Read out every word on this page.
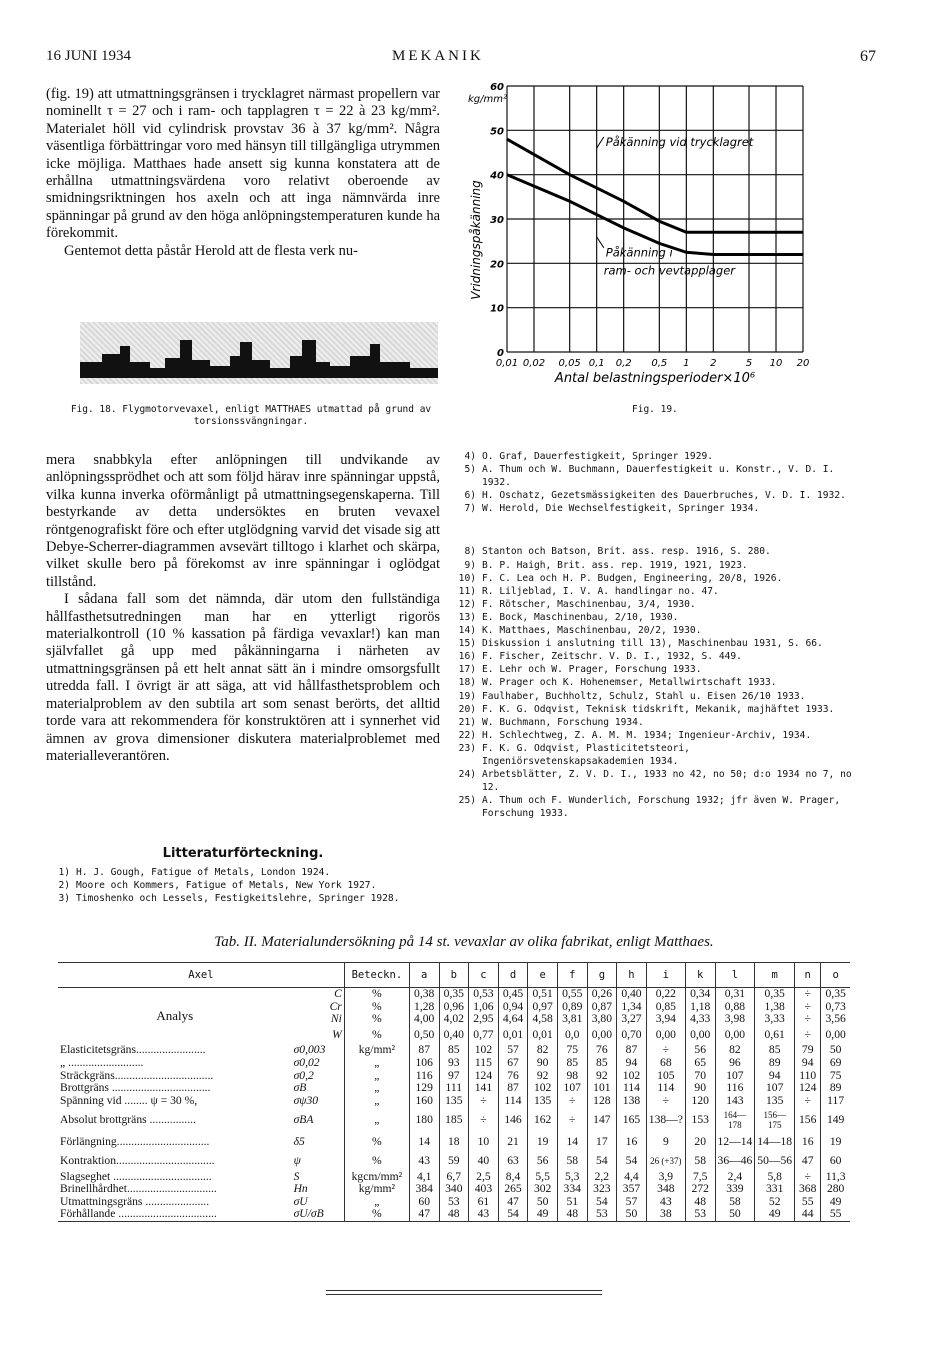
16 JUNI 1934	MEKANIK	67

(fig. 19) att utmattningsgränsen i trycklagret närmast propellern var nominellt τ = 27 och i ram- och tapplagren τ = 22 à 23 kg/mm². Materialet höll vid cylindrisk provstav 36 à 37 kg/mm². Några väsentliga förbättringar voro med hänsyn till tillgängliga utrymmen icke möjliga. Matthaes hade ansett sig kunna konstatera att de erhållna utmattningsvärdena voro relativt oberoende av smidningsriktningen hos axeln och att inga nämnvärda inre spänningar på grund av den höga anlöpningstemperaturen kunde ha förekommit.

Gentemot detta påstår Herold att de flesta verk nu-

Fig. 18. Flygmotorvevaxel, enligt MATTHAES utmattad på grund av torsionssvängningar.

mera snabbkyla efter anlöpningen till undvikande av anlöpningssprödhet och att som följd härav inre spänningar uppstå, vilka kunna inverka oförmånligt på utmattningsegenskaperna. Till bestyrkande av detta undersöktes en bruten vevaxel röntgenografiskt före och efter utglödgning varvid det visade sig att Debye-Scherrer-diagrammen avsevärt tilltogo i klarhet och skärpa, vilket skulle bero på förekomst av inre spänningar i oglödgat tillstånd.

I sådana fall som det nämnda, där utom den fullständiga hållfasthetsutredningen man har en ytterligt rigorös materialkontroll (10 % kassation på färdiga vevaxlar!) kan man självfallet gå upp med påkänningarna i närheten av utmattningsgränsen på ett helt annat sätt än i mindre omsorgsfullt utredda fall. I övrigt är att säga, att vid hållfasthetsproblem och materialproblem av den subtila art som senast berörts, det alltid torde vara att rekommendera för konstruktören att i synnerhet vid ämnen av grova dimensioner diskutera materialproblemet med materialleverantören.

Litteraturförteckning.
1) H. J. Gough, Fatigue of Metals, London 1924.
2) Moore och Kommers, Fatigue of Metals, New York 1927.
3) Timoshenko och Lessels, Festigkeitslehre, Springer 1928.
0,01 0,02 0,05 0,1 0,2 0,5 1 2	5 10 20
0
10
20
30
40
50
60
kg/mm²
Vridningspåkänning
Antal belastningsperioder×10⁶
Påkänning vid trycklagret
Påkänning i
ram- och vevtapplager
Fig. 19.
4) O. Graf, Dauerfestigkeit, Springer 1929.
5) A. Thum och W. Buchmann, Dauerfestigkeit u. Konstr., V. D. I. 1932.
6) H. Oschatz, Gezetsmässigkeiten des Dauerbruches, V. D. I. 1932.
7) W. Herold, Die Wechselfestigkeit, Springer 1934.
8) Stanton och Batson, Brit. ass. resp. 1916, S. 280.
9) B. P. Haigh, Brit. ass. rep. 1919, 1921, 1923.
10) F. C. Lea och H. P. Budgen, Engineering, 20/8, 1926.
11) R. Liljeblad, I. V. A. handlingar no. 47.
12) F. Rötscher, Maschinenbau, 3/4, 1930.
13) E. Bock, Maschinenbau, 2/10, 1930.
14) K. Matthaes, Maschinenbau, 20/2, 1930.
15) Diskussion i anslutning till 13), Maschinenbau 1931, S. 66.
16) F. Fischer, Zeitschr. V. D. I., 1932, S. 449.
17) E. Lehr och W. Prager, Forschung 1933.
18) W. Prager och K. Hohenemser, Metallwirtschaft 1933.
19) Faulhaber, Buchholtz, Schulz, Stahl u. Eisen 26/10 1933.
20) F. K. G. Odqvist, Teknisk tidskrift, Mekanik, majhäftet 1933.
21) W. Buchmann, Forschung 1934.
22) H. Schlechtweg, Z. A. M. M. 1934; Ingenieur-Archiv, 1934.
23) F. K. G. Odqvist, Plasticitetsteori, Ingeniörsvetenskapsakademien 1934.
24) Arbetsblätter, Z. V. D. I., 1933 no 42, no 50; d:o 1934 no 7, no 12.
25) A. Thum och F. Wunderlich, Forschung 1932; jfr även W. Prager, Forschung 1933.
Tab. II. Materialundersökning på 14 st. vevaxlar av olika fabrikat, enligt Matthaes.
Axel		Beteckn.	a	b	c	d	e	f	g	h	i	k	l	m	n	o
Analys	C	%	0,38	0,35	0,53	0,45	0,51	0,55	0,26	0,40	0,22	0,34	0,31	0,35	÷	0,35
	Cr	%	1,28	0,96	1,06	0,94	0,97	0,89	0,87	1,34	0,85	1,18	0,88	1,38	÷	0,73
	Ni	%	4,00	4,02	2,95	4,64	4,58	3,81	3,80	3,27	3,94	4,33	3,98	3,33	÷	3,56
	W	%	0,50	0,40	0,77	0,01	0,01	0,0	0,00	0,70	0,00	0,00	0,00	0,61	÷	0,00
Elasticitetsgräns........................	σ0,003	kg/mm²	87	85	102	57	82	75	76	87	÷	56	82	85	79	50
„ ..........................	σ0,02	„	106	93	115	67	90	85	85	94	68	65	96	89	94	69
Sträckgräns..................................	σ0,2	„	116	97	124	76	92	98	92	102	105	70	107	94	110	75
Brottgräns ..................................	σB	„	129	111	141	87	102	107	101	114	114	90	116	107	124	89
Spänning vid ........ ψ = 30 %,	σψ30	„	160	135	÷	114	135	÷	128	138	÷	120	143	135	÷	117
Absolut brottgräns ................	σBA	„	180	185	÷	146	162	÷	147	165	138—?	153	164—178	156—175	156	149
Förlängning................................	δ5	%	14	18	10	21	19	14	17	16	9	20	12—14	14—18	16	19
Kontraktion..................................	ψ	%	43	59	40	63	56	58	54	54	26 (+37)	58	36—46	50—56	47	60
Slagseghet ..................................	S	kgcm/mm²	4,1	6,7	2,5	8,4	5,5	5,3	2,2	4,4	3,9	7,5	2,4	5,8	÷	11,3
Brinellhårdhet...............................	Hn	kg/mm²	384	340	403	265	302	334	323	357	348	272	339	331	368	280
Utmattningsgräns ......................	σU	„	60	53	61	47	50	51	54	57	43	48	58	52	55	49
Förhållande ..................................	σU/σB	%	47	48	43	54	49	48	53	50	38	53	50	49	44	55
